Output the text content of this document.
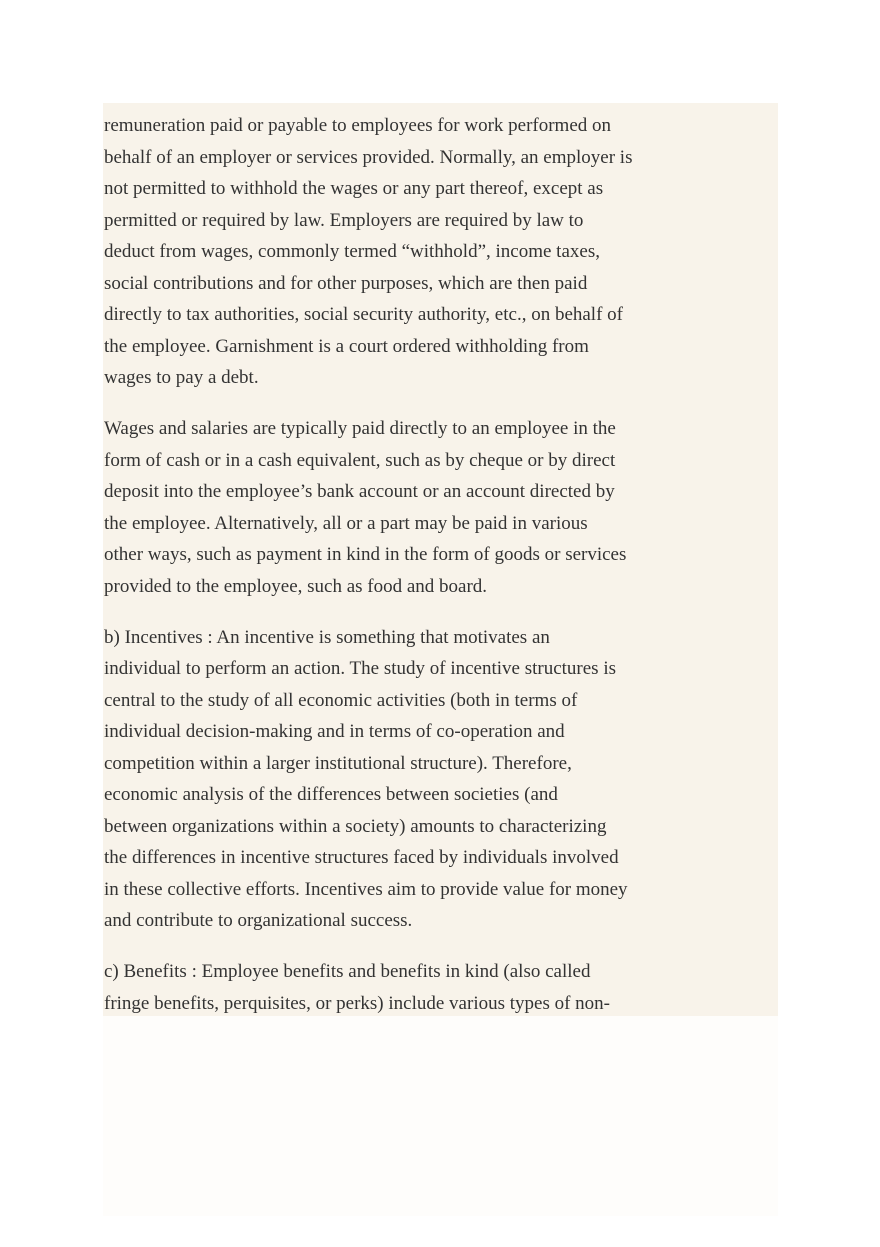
remuneration paid or payable to employees for work performed on
behalf of an employer or services provided. Normally, an employer is
not permitted to withhold the wages or any part thereof, except as
permitted or required by law. Employers are required by law to
deduct from wages, commonly termed “withhold”, income taxes,
social contributions and for other purposes, which are then paid
directly to tax authorities, social security authority, etc., on behalf of
the employee. Garnishment is a court ordered withholding from
wages to pay a debt.

Wages and salaries are typically paid directly to an employee in the
form of cash or in a cash equivalent, such as by cheque or by direct
deposit into the employee’s bank account or an account directed by
the employee. Alternatively, all or a part may be paid in various
other ways, such as payment in kind in the form of goods or services
provided to the employee, such as food and board.

b) Incentives : An incentive is something that motivates an
individual to perform an action. The study of incentive structures is
central to the study of all economic activities (both in terms of
individual decision-making and in terms of co-operation and
competition within a larger institutional structure). Therefore,
economic analysis of the differences between societies (and
between organizations within a society) amounts to characterizing
the differences in incentive structures faced by individuals involved
in these collective efforts. Incentives aim to provide value for money
and contribute to organizational success.

c) Benefits : Employee benefits and benefits in kind (also called
fringe benefits, perquisites, or perks) include various types of non-
